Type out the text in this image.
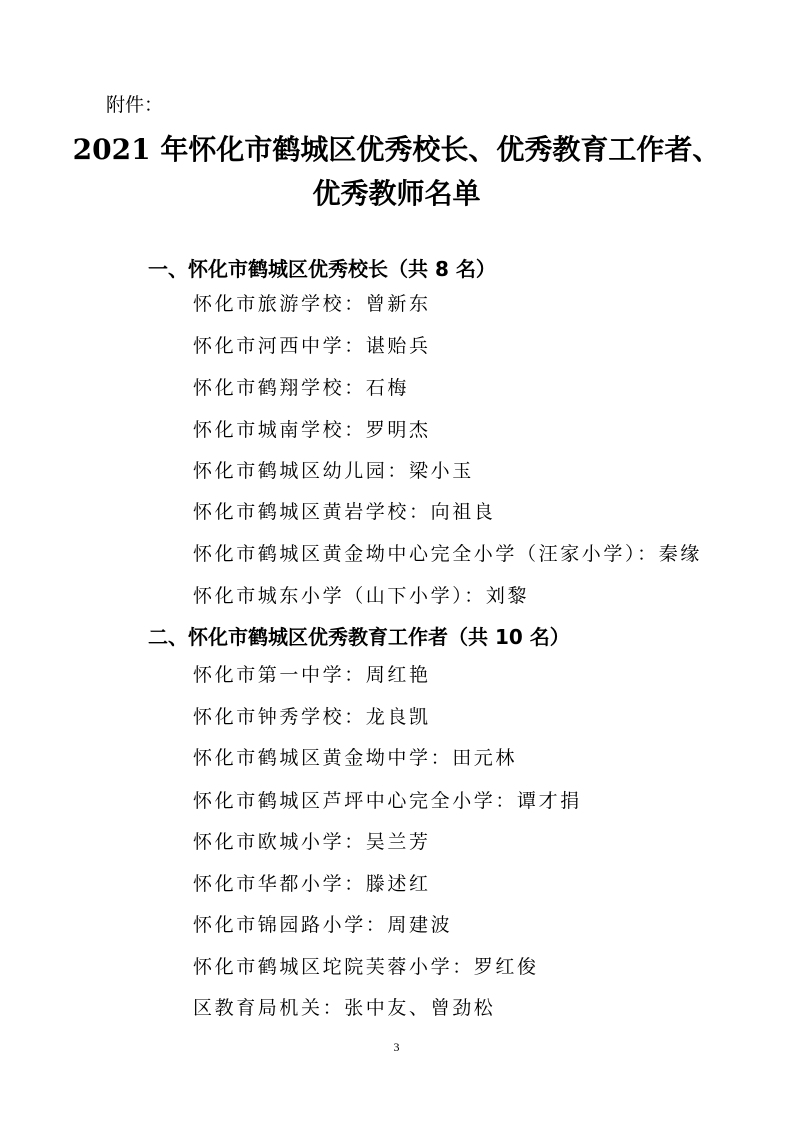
附件：
2021 年怀化市鹤城区优秀校长、优秀教育工作者、
优秀教师名单
一、怀化市鹤城区优秀校长（共 8 名）
怀化市旅游学校：曾新东
怀化市河西中学：谌贻兵
怀化市鹤翔学校：石梅
怀化市城南学校：罗明杰
怀化市鹤城区幼儿园：梁小玉
怀化市鹤城区黄岩学校：向祖良
怀化市鹤城区黄金坳中心完全小学（汪家小学）：秦缘
怀化市城东小学（山下小学）：刘黎
二、怀化市鹤城区优秀教育工作者（共 10 名）
怀化市第一中学：周红艳
怀化市钟秀学校：龙良凯
怀化市鹤城区黄金坳中学：田元林
怀化市鹤城区芦坪中心完全小学：谭才捐
怀化市欧城小学：吴兰芳
怀化市华都小学：滕述红
怀化市锦园路小学：周建波
怀化市鹤城区坨院芙蓉小学：罗红俊
区教育局机关：张中友、曾劲松
3
